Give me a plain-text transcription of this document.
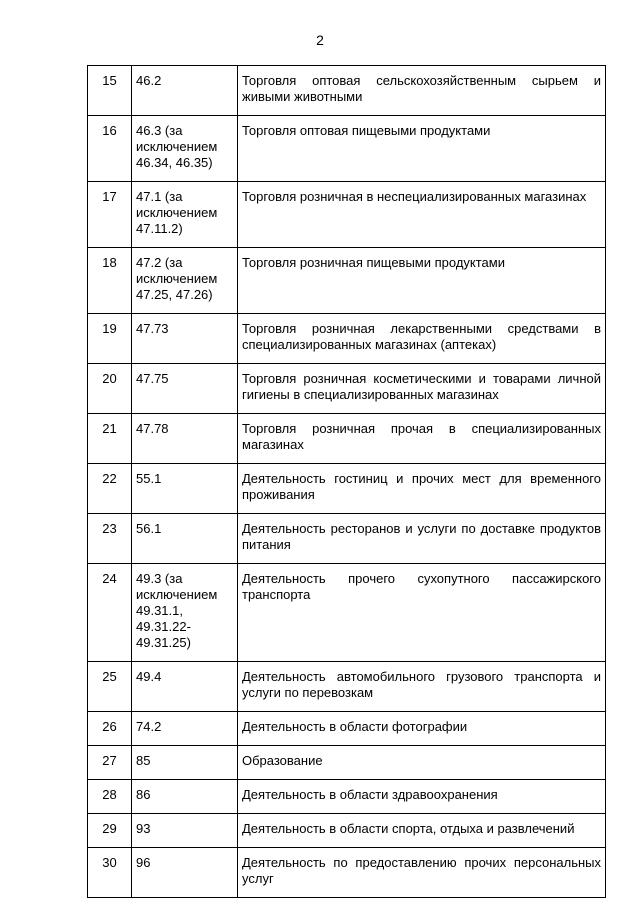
2
15	46.2	Торговля оптовая сельскохозяйственным сырьем и живыми животными
16	46.3 (за
исключением
46.34, 46.35)	Торговля оптовая пищевыми продуктами
17	47.1 (за
исключением
47.11.2)	Торговля розничная в неспециализированных магазинах
18	47.2 (за
исключением
47.25, 47.26)	Торговля розничная пищевыми продуктами
19	47.73	Торговля розничная лекарственными средствами в специализированных магазинах (аптеках)
20	47.75	Торговля розничная косметическими и товарами личной гигиены в специализированных магазинах
21	47.78	Торговля розничная прочая в специализированных магазинах
22	55.1	Деятельность гостиниц и прочих мест для временного проживания
23	56.1	Деятельность ресторанов и услуги по доставке продуктов питания
24	49.3 (за
исключением
49.31.1,
49.31.22-
49.31.25)	Деятельность прочего сухопутного пассажирского транспорта
25	49.4	Деятельность автомобильного грузового транспорта и услуги по перевозкам
26	74.2	Деятельность в области фотографии
27	85	Образование
28	86	Деятельность в области здравоохранения
29	93	Деятельность в области спорта, отдыха и развлечений
30	96	Деятельность по предоставлению прочих персональных услуг
